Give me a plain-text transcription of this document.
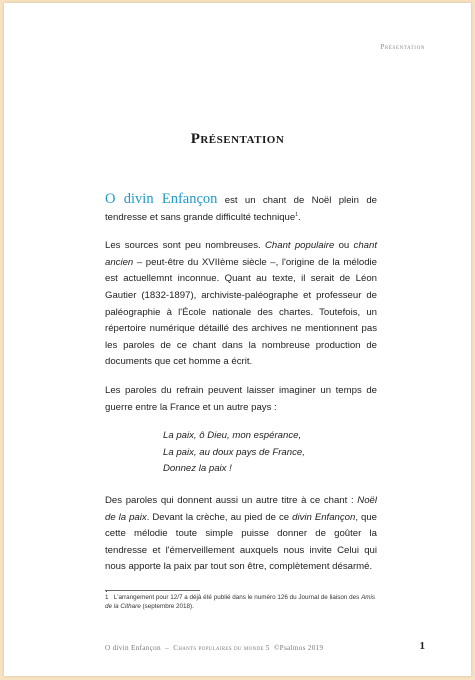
Présentation
Présentation

O divin Enfançon est un chant de Noël plein de tendresse et sans grande difficulté technique$^1$.

Les sources sont peu nombreuses. Chant populaire ou chant ancien – peut-être du XVIIème siècle –, l'origine de la mélodie est actuellemnt inconnue. Quant au texte, il serait de Léon Gautier (1832-1897), archiviste-paléographe et professeur de paléographie à l'École nationale des chartes. Toutefois, un répertoire numérique détaillé des archives ne mentionnent pas les paroles de ce chant dans la nombreuse production de documents que cet homme a écrit.

Les paroles du refrain peuvent laisser imaginer un temps de guerre entre la France et un autre pays :

La paix, ô Dieu, mon espérance,
La paix, au doux pays de France,
Donnez la paix !

Des paroles qui donnent aussi un autre titre à ce chant : Noël de la paix. Devant la crèche, au pied de ce divin Enfançon, que cette mélodie toute simple puisse donner de goûter la tendresse et l'émerveillement auxquels nous invite Celui qui nous apporte la paix par tout son être, complètement désarmé.

.
1 L'arrangement pour 12/7 a déjà été publié dans le numéro 126 du Journal de liaison des Amis de la Cithare (septembre 2018).
O divin Enfançon – Chants populaires du monde 5 ©Psalmos 2019	1
